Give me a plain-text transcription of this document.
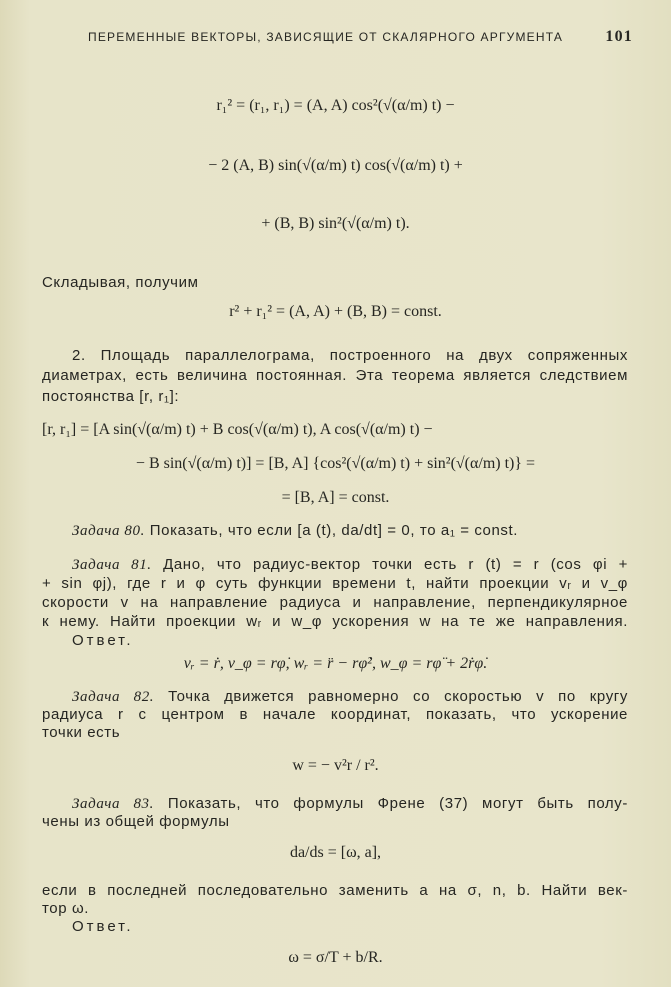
ПЕРЕМЕННЫЕ ВЕКТОРЫ, ЗАВИСЯЩИЕ ОТ СКАЛЯРНОГО АРГУМЕНТА	101
r₁² = (r₁, r₁) = (A, A) cos²(√(α/m) t) −
− 2 (A, B) sin(√(α/m) t) cos(√(α/m) t) +
+ (B, B) sin²(√(α/m) t).
Складывая, получим
r² + r₁² = (A, A) + (B, B) = const.
2. Площадь параллелограма, построенного на двух сопряженных
диаметрах, есть величина постоянная. Эта теорема является следствием
постоянства [r, r₁]:
[r, r₁] = [A sin(√(α/m) t) + B cos(√(α/m) t), A cos(√(α/m) t) −
− B sin(√(α/m) t)] = [B, A] {cos²(√(α/m) t) + sin²(√(α/m) t)} =
= [B, A] = const.
Задача 80. Показать, что если [a (t), da/dt] = 0, то a₁ = const.
Задача 81. Дано, что радиус-вектор точки есть r (t) = r (cos φi +
+ sin φj), где r и φ суть функции времени t, найти проекции vᵣ и v_φ
скорости v на направление радиуса и направление, перпендикулярное
к нему. Найти проекции wᵣ и w_φ ускорения w на те же направления.
Ответ.
vᵣ = ṙ, v_φ = rφ̇, wᵣ = r̈ − rφ̇², w_φ = rφ̈ + 2ṙφ̇.
Задача 82. Точка движется равномерно со скоростью v по кругу
радиуса r с центром в начале координат, показать, что ускорение
точки есть
w = − v²r / r².
Задача 83. Показать, что формулы Френе (37) могут быть полу-
чены из общей формулы
da/ds = [ω, a],
если в последней последовательно заменить a на σ, n, b. Найти век-
тор ω.
Ответ.
ω = σ/T + b/R.
